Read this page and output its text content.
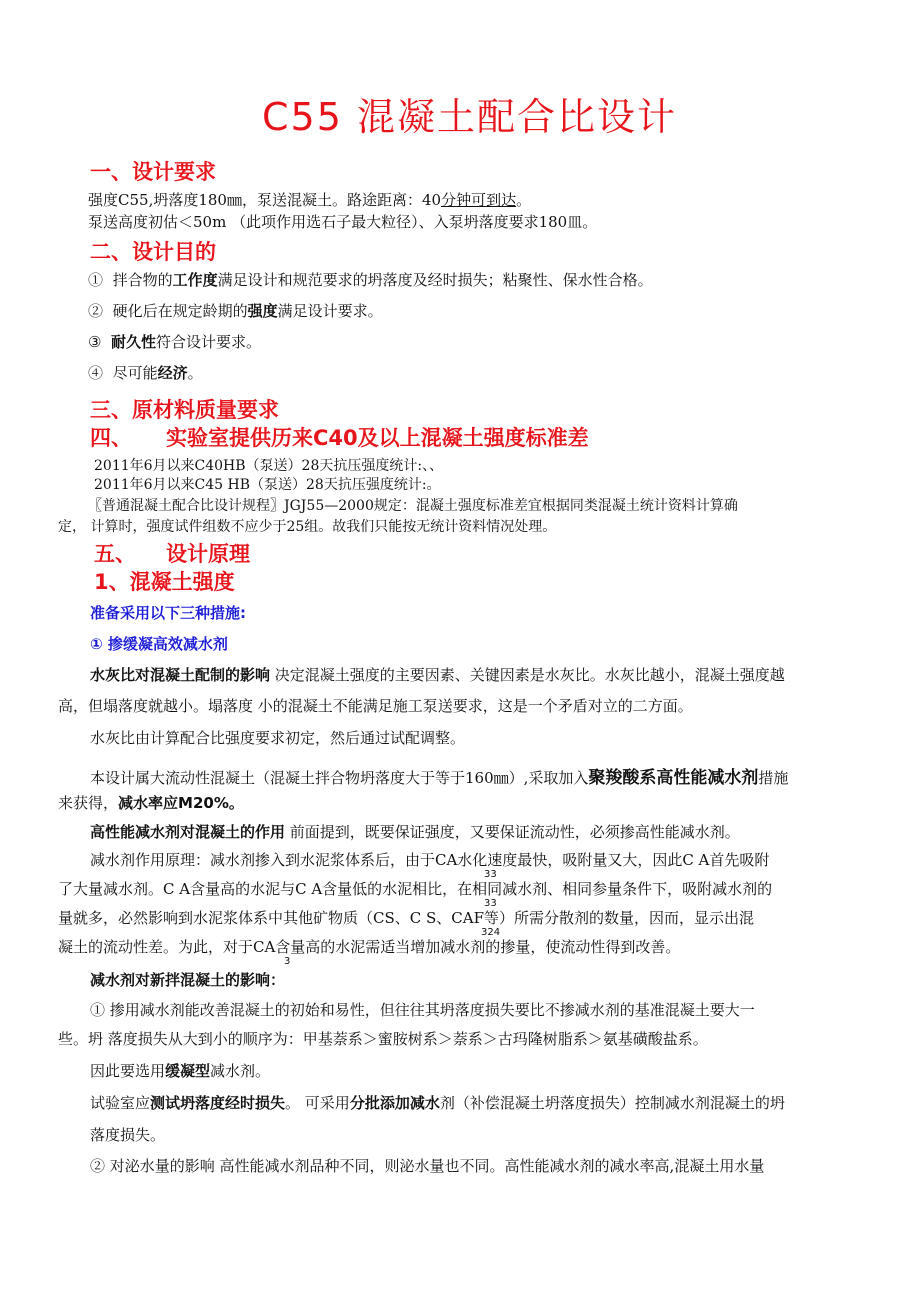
C55 混凝土配合比设计
一、设计要求
强度C55,坍落度180㎜，泵送混凝土。路途距离：40分钟可到达。
泵送高度初估＜50m （此项作用选石子最大粒径）、入泵坍落度要求180皿。
二、设计目的
① 拌合物的工作度满足设计和规范要求的坍落度及经时损失；粘聚性、保水性合格。
② 硬化后在规定龄期的强度满足设计要求。
③ 耐久性符合设计要求。
④ 尽可能经济。
三、原材料质量要求
四、 实验室提供历来C40及以上混凝土强度标准差
2011年6月以来C40HB（泵送）28天抗压强度统计:、、
2011年6月以来C45 HB（泵送）28天抗压强度统计:。
〖普通混凝土配合比设计规程〗JGJ55—2000规定：混凝土强度标准差宜根据同类混凝土统计资料计算确
定， 计算时，强度试件组数不应少于25组。故我们只能按无统计资料情况处理。
五、 设计原理
1、混凝土强度
准备采用以下三种措施:
① 掺缓凝高效减水剂
水灰比对混凝土配制的影响 决定混凝土强度的主要因素、关键因素是水灰比。水灰比越小，混凝土强度越
高，但塌落度就越小。塌落度 小的混凝土不能满足施工泵送要求，这是一个矛盾对立的二方面。
水灰比由计算配合比强度要求初定，然后通过试配调整。
本设计属大流动性混凝土（混凝土拌合物坍落度大于等于160㎜）,采取加入聚羧酸系高性能减水剂措施
来获得，减水率应M20%。
高性能减水剂对混凝土的作用 前面提到，既要保证强度，又要保证流动性，必须掺高性能减水剂。
减水剂作用原理：减水剂掺入到水泥浆体系后，由于CA水化速度最快，吸附量又大，因此C A首先吸附
33
了大量减水剂。C A含量高的水泥与C A含量低的水泥相比，在相同减水剂、相同参量条件下，吸附减水剂的
33
量就多，必然影响到水泥浆体系中其他矿物质（CS、C S、CAF等）所需分散剂的数量，因而，显示出混
324
凝土的流动性差。为此，对于CA含量高的水泥需适当增加减水剂的掺量，使流动性得到改善。
3
减水剂对新拌混凝土的影响：
① 掺用减水剂能改善混凝土的初始和易性，但往往其坍落度损失要比不掺减水剂的基准混凝土要大一
些。坍 落度损失从大到小的顺序为：甲基萘系＞蜜胺树系＞萘系＞古玛隆树脂系＞氨基磺酸盐系。
因此要选用缓凝型减水剂。
试验室应测试坍落度经时损失。 可采用分批添加减水剂（补偿混凝土坍落度损失）控制减水剂混凝土的坍
落度损失。
② 对泌水量的影响 高性能减水剂品种不同，则泌水量也不同。高性能减水剂的减水率高,混凝土用水量
